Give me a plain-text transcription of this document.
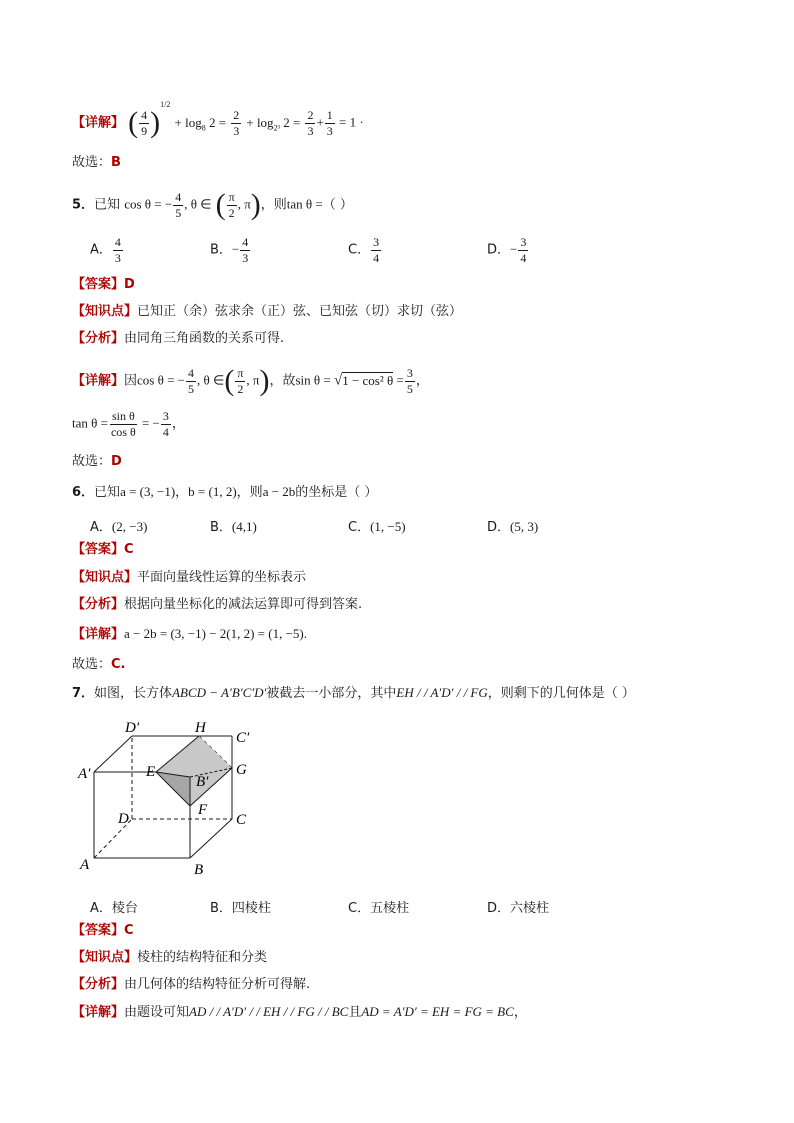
【详解】 ( $\frac{4}{9} )^{1/2} + \log_8 2 = \frac{2}{3} + \log_{2^3} 2 = \frac{2}{3} + \frac{1}{3} = 1$ ·
故选：B
5．已知 cos θ = − $\frac{4}{5}$ , θ ∈ ( $\frac{\pi}{2}$ , π)，则tan θ =（ ）
A． $\frac{4}{3}$	B．− $\frac{4}{3}$	C． $\frac{3}{4}$	D．− $\frac{3}{4}$
【答案】D
【知识点】已知正（余）弦求余（正）弦、已知弦（切）求切（弦）
【分析】由同角三角函数的关系可得.
【详解】因cos θ = − $\frac{4}{5}$ , θ ∈( $\frac{\pi}{2}$ , π)，故sin θ = √1 − cos² $\theta = \frac{3}{5}$ ，
$\tan \theta = \frac{\text{sin θ}}{\text{cos θ}}$ = − $\frac{3}{4}$ ，
故选：D
6．已知a = (3, −1)，b = (1, 2)，则a − 2b的坐标是（ ）
A．(2, −3)	B．(4,1)	C．(1, −5)	D．(5, 3)
【答案】C
【知识点】平面向量线性运算的坐标表示
【分析】根据向量坐标化的减法运算即可得到答案.
【详解】a − 2b = (3, −1) − 2(1, 2) = (1, −5).
故选：C.
7．如图，长方体ABCD − A′B′C′D′被截去一小部分，其中EH / / A′D′ / / FG，则剩下的几何体是（ ）
D′	H
C′
A′	E
B′
G
F
D	C
A	B
A．棱台	B．四棱柱	C．五棱柱	D．六棱柱
【答案】C
【知识点】棱柱的结构特征和分类
【分析】由几何体的结构特征分析可得解.
【详解】由题设可知AD / / A′D′ / / EH / / FG / / BC且AD = A′D′ = EH = FG = BC，
